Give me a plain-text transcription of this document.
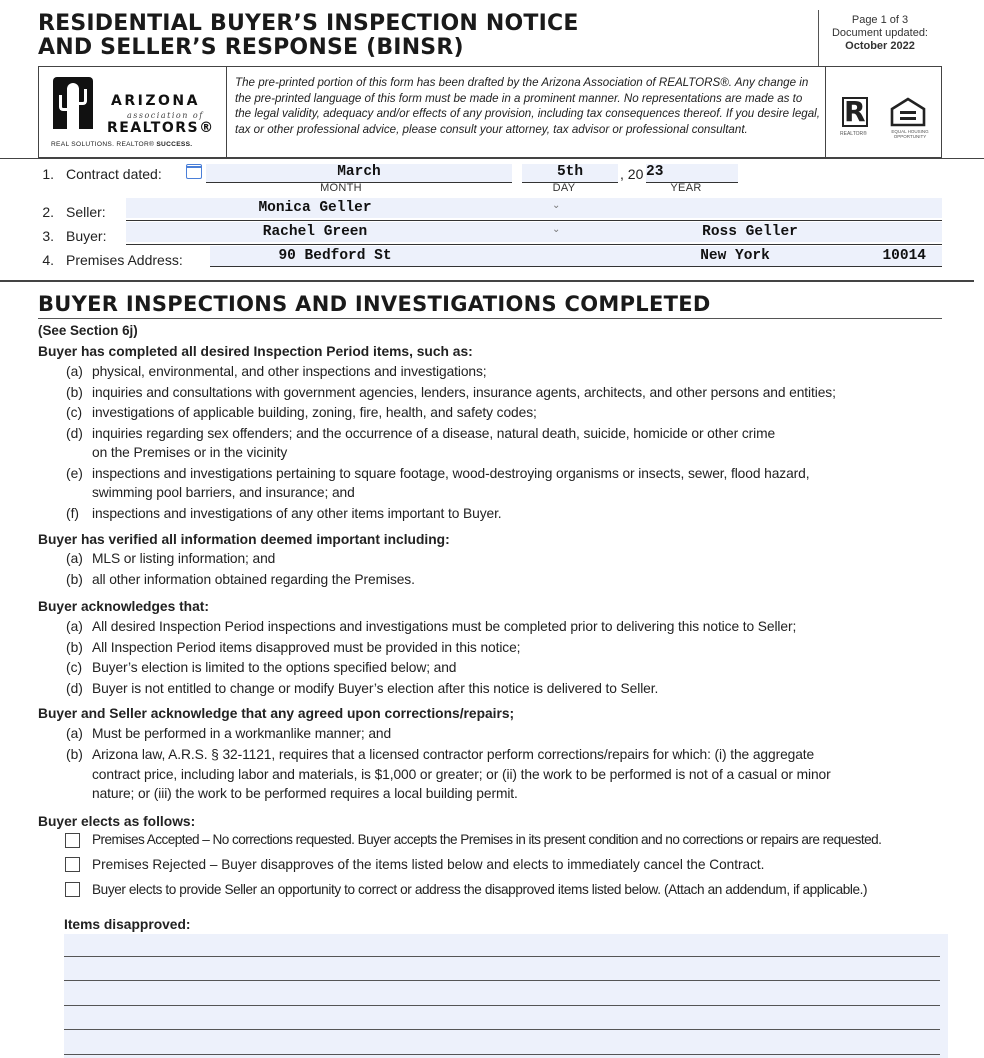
RESIDENTIAL BUYER’S INSPECTION NOTICE
AND SELLER’S RESPONSE (BINSR)
Page 1 of 3
Document updated:
October 2022
ARIZONA
association of
REALTORS®
REAL SOLUTIONS. REALTOR® SUCCESS.
The pre-printed portion of this form has been drafted by the Arizona Association of REALTORS®. Any change in the pre-printed language of this form must be made in a prominent manner. No representations are made as to the legal validity, adequacy and/or effects of any provision, including tax consequences thereof. If you desire legal, tax or other professional advice, please consult your attorney, tax advisor or professional consultant.
R
REALTOR®	EQUAL HOUSING OPPORTUNITY
1. Contract dated:	March
MONTH
5th
DAY
, 20 23
YEAR
2. Seller:	Monica Geller	⌄
3. Buyer:	Rachel Green	⌄	Ross Geller
4. Premises Address:	90 Bedford St	New York	10014
BUYER INSPECTIONS AND INVESTIGATIONS COMPLETED
(See Section 6j)
Buyer has completed all desired Inspection Period items, such as:
(a) physical, environmental, and other inspections and investigations;
(b) inquiries and consultations with government agencies, lenders, insurance agents, architects, and other persons and entities;
(c) investigations of applicable building, zoning, fire, health, and safety codes;
(d) inquiries regarding sex offenders; and the occurrence of a disease, natural death, suicide, homicide or other crime
on the Premises or in the vicinity
(e) inspections and investigations pertaining to square footage, wood-destroying organisms or insects, sewer, flood hazard,
swimming pool barriers, and insurance; and
(f) inspections and investigations of any other items important to Buyer.
Buyer has verified all information deemed important including:
(a) MLS or listing information; and
(b) all other information obtained regarding the Premises.
Buyer acknowledges that:
(a) All desired Inspection Period inspections and investigations must be completed prior to delivering this notice to Seller;
(b) All Inspection Period items disapproved must be provided in this notice;
(c) Buyer’s election is limited to the options specified below; and
(d) Buyer is not entitled to change or modify Buyer’s election after this notice is delivered to Seller.
Buyer and Seller acknowledge that any agreed upon corrections/repairs;
(a) Must be performed in a workmanlike manner; and
(b) Arizona law, A.R.S. § 32-1121, requires that a licensed contractor perform corrections/repairs for which: (i) the aggregate
contract price, including labor and materials, is $1,000 or greater; or (ii) the work to be performed is not of a casual or minor
nature; or (iii) the work to be performed requires a local building permit.
Buyer elects as follows:
Premises Accepted – No corrections requested. Buyer accepts the Premises in its present condition and no corrections or repairs are requested.
Premises Rejected – Buyer disapproves of the items listed below and elects to immediately cancel the Contract.
Buyer elects to provide Seller an opportunity to correct or address the disapproved items listed below. (Attach an addendum, if applicable.)
Items disapproved:
